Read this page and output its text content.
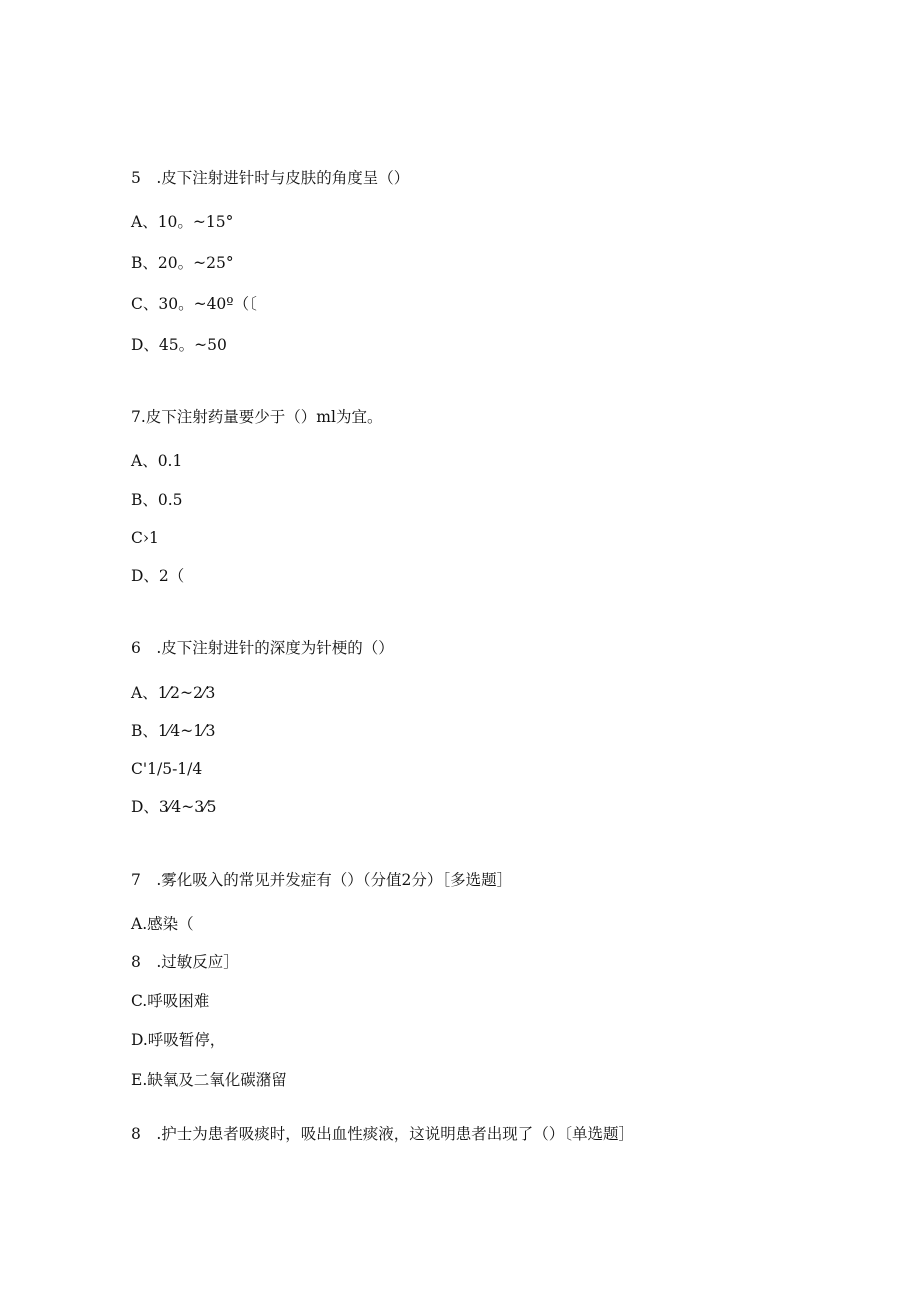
5　.皮下注射进针时与皮肤的角度呈（）
A、10。~15°
B、20。~25°
C、30。~40º（〔
D、45。~50
7.皮下注射药量要少于（）ml为宜。
A、0.1
B、0.5
C›1
D、2（
6　.皮下注射进针的深度为针梗的（）
A、1⁄2~2⁄3
B、1⁄4~1⁄3
C'1/5-1/4
D、3⁄4~3⁄5
7　.雾化吸入的常见并发症有（）（分值2分）［多选题］
A.感染（
8　.过敏反应］
C.呼吸困难
D.呼吸暂停，
E.缺氧及二氧化碳潴留
8　.护士为患者吸痰时，吸出血性痰液，这说明患者出现了（）〔单选题］
